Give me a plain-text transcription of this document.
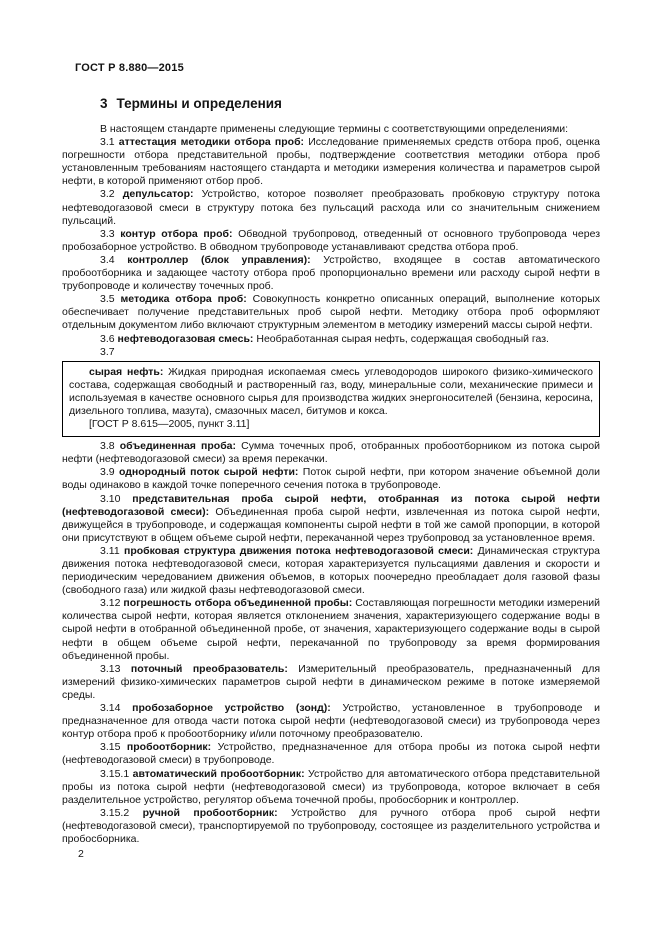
ГОСТ Р 8.880—2015
3 Термины и определения

В настоящем стандарте применены следующие термины с соответствующими определениями:

3.1 аттестация методики отбора проб: Исследование применяемых средств отбора проб, оценка погрешности отбора представительной пробы, подтверждение соответствия методики отбора проб установленным требованиям настоящего стандарта и методики измерения количества и параметров сырой нефти, в которой применяют отбор проб.

3.2 депульсатор: Устройство, которое позволяет преобразовать пробковую структуру потока нефтеводогазовой смеси в структуру потока без пульсаций расхода или со значительным снижением пульсаций.

3.3 контур отбора проб: Обводной трубопровод, отведенный от основного трубопровода через пробозаборное устройство. В обводном трубопроводе устанавливают средства отбора проб.

3.4 контроллер (блок управления): Устройство, входящее в состав автоматического пробоотборника и задающее частоту отбора проб пропорционально времени или расходу сырой нефти в трубопроводе и количеству точечных проб.

3.5 методика отбора проб: Совокупность конкретно описанных операций, выполнение которых обеспечивает получение представительных проб сырой нефти. Методику отбора проб оформляют отдельным документом либо включают структурным элементом в методику измерений массы сырой нефти.

3.6 нефтеводогазовая смесь: Необработанная сырая нефть, содержащая свободный газ.

3.7

сырая нефть: Жидкая природная ископаемая смесь углеводородов широкого физико-химического состава, содержащая свободный и растворенный газ, воду, минеральные соли, механические примеси и используемая в качестве основного сырья для производства жидких энергоносителей (бензина, керосина, дизельного топлива, мазута), смазочных масел, битумов и кокса.

[ГОСТ Р 8.615—2005, пункт 3.11]

3.8 объединенная проба: Сумма точечных проб, отобранных пробоотборником из потока сырой нефти (нефтеводогазовой смеси) за время перекачки.

3.9 однородный поток сырой нефти: Поток сырой нефти, при котором значение объемной доли воды одинаково в каждой точке поперечного сечения потока в трубопроводе.

3.10 представительная проба сырой нефти, отобранная из потока сырой нефти (нефтеводогазовой смеси): Объединенная проба сырой нефти, извлеченная из потока сырой нефти, движущейся в трубопроводе, и содержащая компоненты сырой нефти в той же самой пропорции, в которой они присутствуют в общем объеме сырой нефти, перекачанной через трубопровод за установленное время.

3.11 пробковая структура движения потока нефтеводогазовой смеси: Динамическая структура движения потока нефтеводогазовой смеси, которая характеризуется пульсациями давления и скорости и периодическим чередованием движения объемов, в которых поочередно преобладает доля газовой фазы (свободного газа) или жидкой фазы нефтеводогазовой смеси.

3.12 погрешность отбора объединенной пробы: Составляющая погрешности методики измерений количества сырой нефти, которая является отклонением значения, характеризующего содержание воды в сырой нефти в отобранной объединенной пробе, от значения, характеризующего содержание воды в сырой нефти в общем объеме сырой нефти, перекачанной по трубопроводу за время формирования объединенной пробы.

3.13 поточный преобразователь: Измерительный преобразователь, предназначенный для измерений физико-химических параметров сырой нефти в динамическом режиме в потоке измеряемой среды.

3.14 пробозаборное устройство (зонд): Устройство, установленное в трубопроводе и предназначенное для отвода части потока сырой нефти (нефтеводогазовой смеси) из трубопровода через контур отбора проб к пробоотборнику и/или поточному преобразователю.

3.15 пробоотборник: Устройство, предназначенное для отбора пробы из потока сырой нефти (нефтеводогазовой смеси) в трубопроводе.

3.15.1 автоматический пробоотборник: Устройство для автоматического отбора представительной пробы из потока сырой нефти (нефтеводогазовой смеси) из трубопровода, которое включает в себя разделительное устройство, регулятор объема точечной пробы, пробосборник и контроллер.

3.15.2 ручной пробоотборник: Устройство для ручного отбора проб сырой нефти (нефтеводогазовой смеси), транспортируемой по трубопроводу, состоящее из разделительного устройства и пробосборника.

2
